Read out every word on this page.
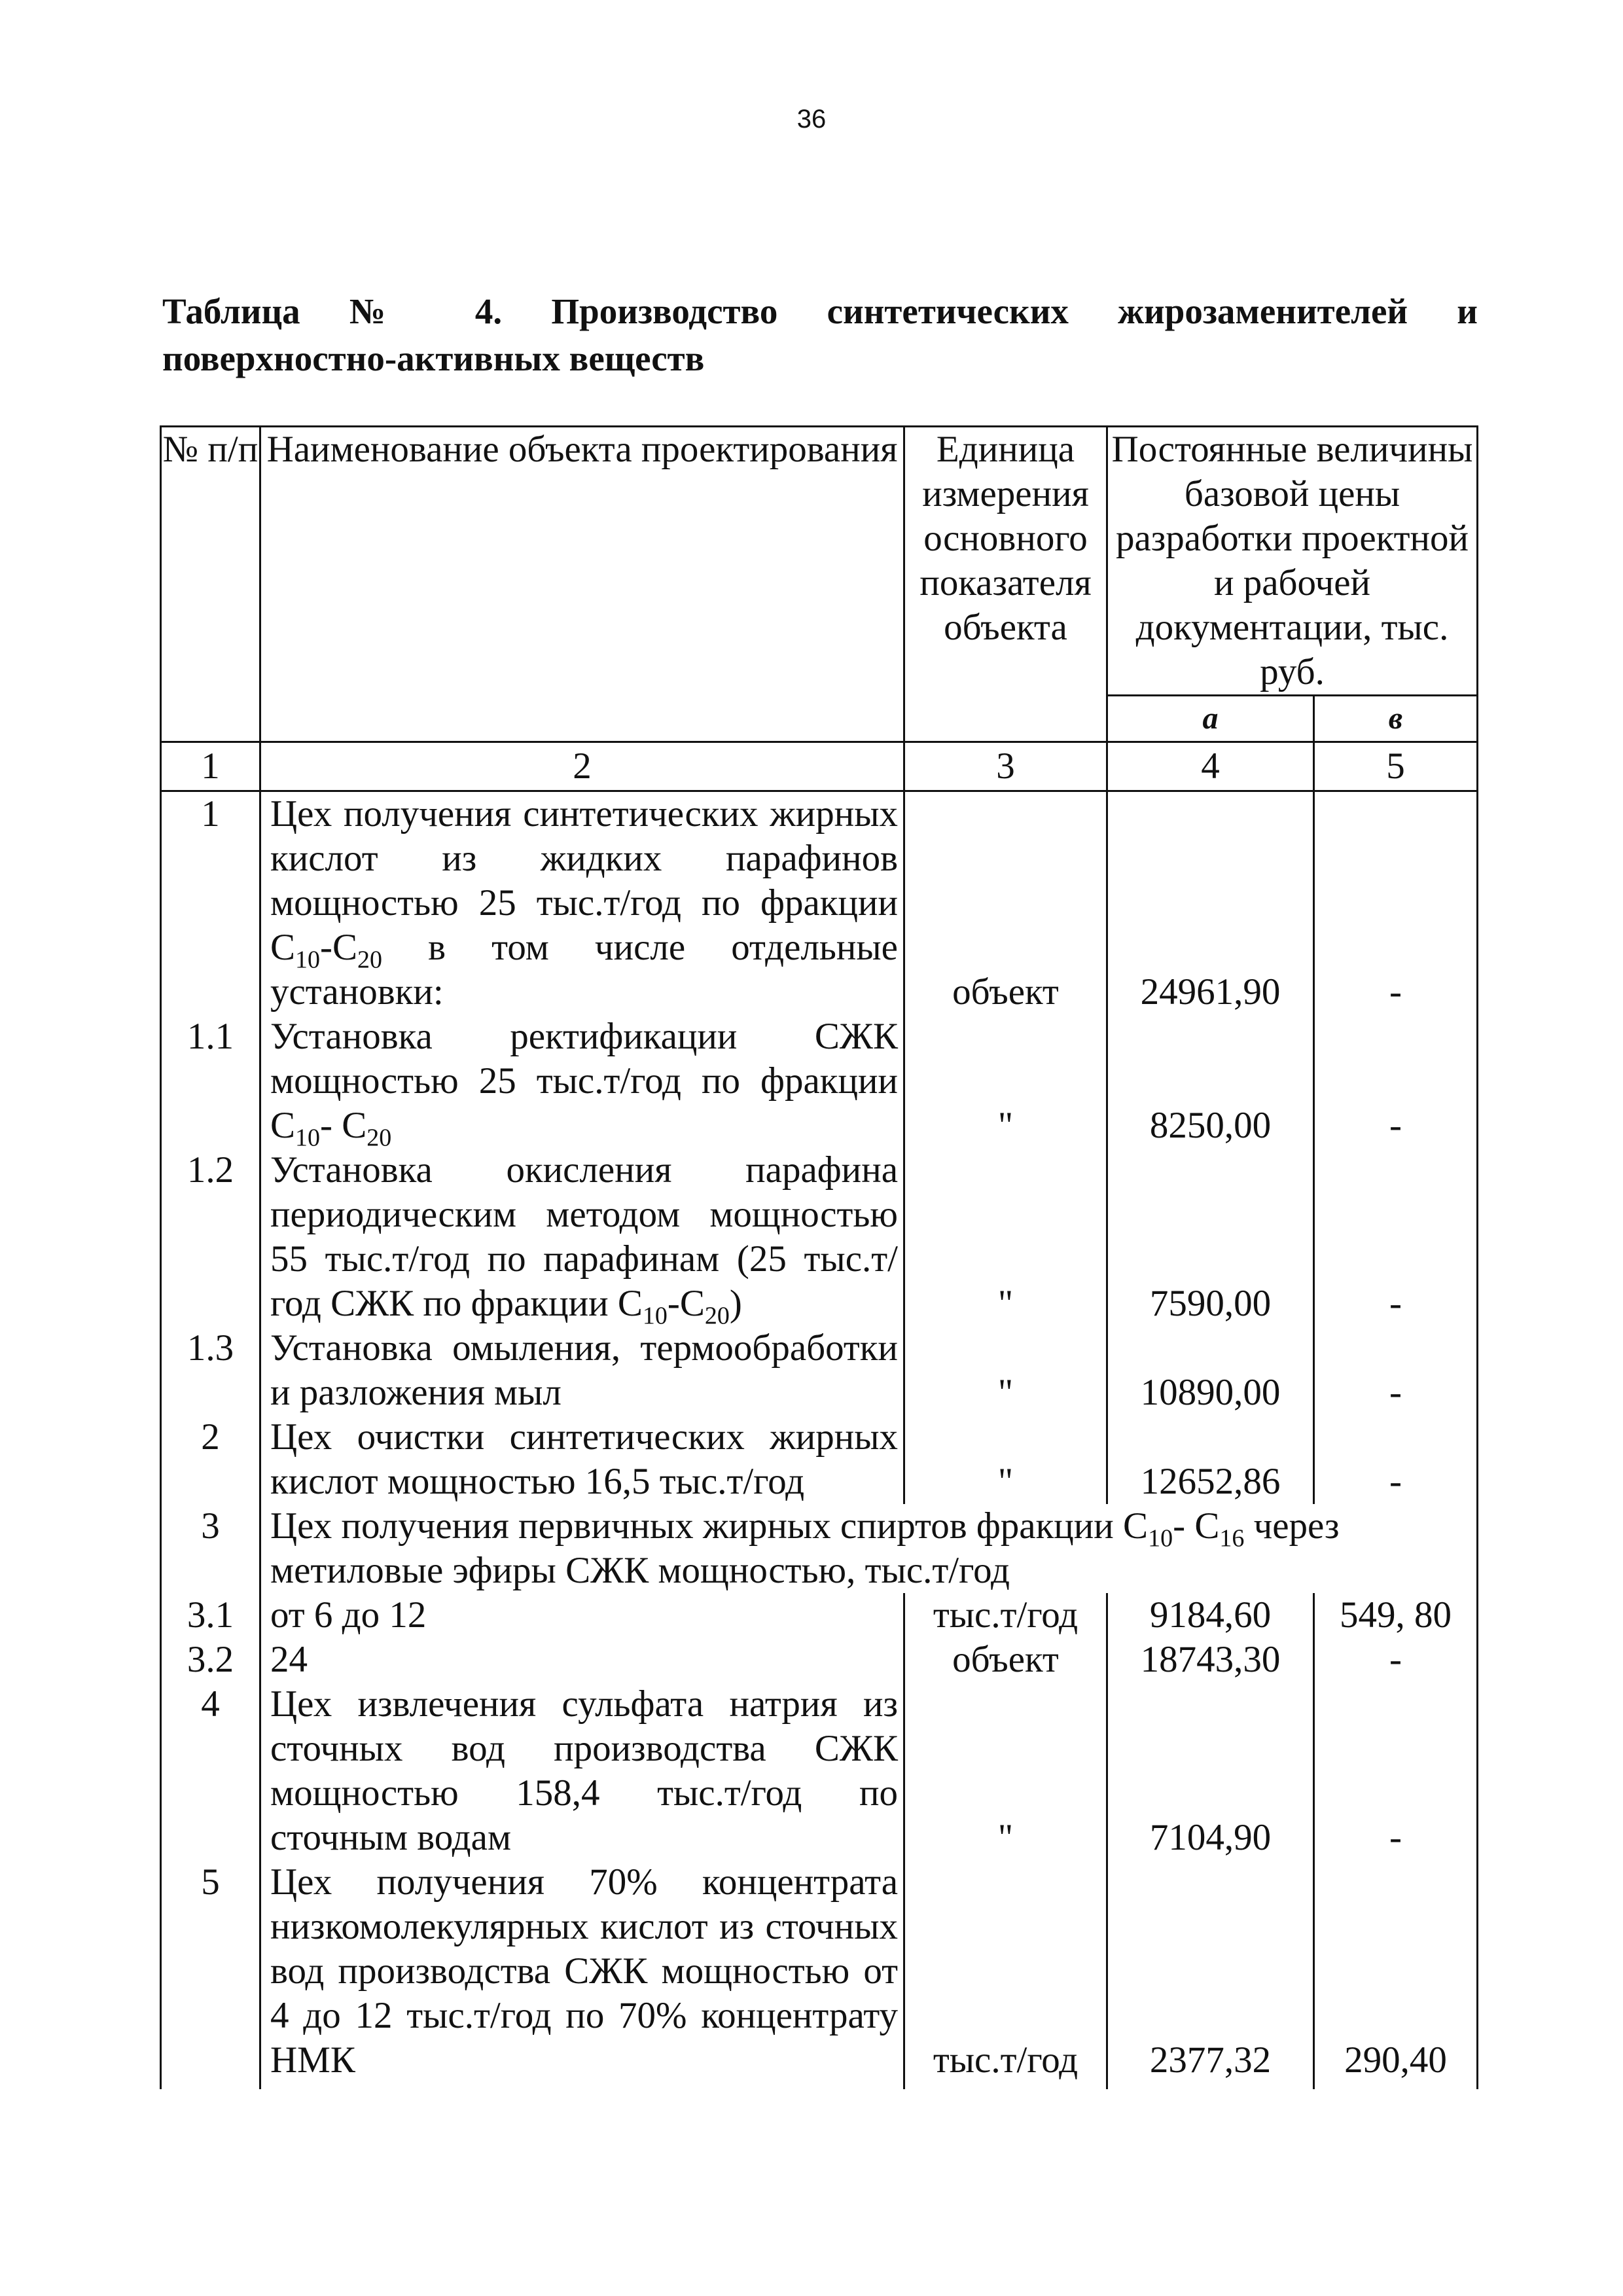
36
Таблица № 4. Производство синтетических жирозаменителей и
поверхностно-активных веществ
№ п/п	Наименование объекта проектирования	Единица измерения основного показателя объекта	Постоянные величины базовой цены разработки проектной и рабочей документации, тыс. руб.	
			а	в
1	2	3	4	5
1	Цех получения синтетических жирных кислот из жидких парафинов мощностью 25 тыс.т/год по фракции $С_{10}-С_{20}$ в том числе отдельные установки:	объект	24961,90	-
1.1	Установка ректификации СЖК мощностью 25 тыс.т/год по фракции $С_{10}-$ $С_{20}$	"	8250,00	-
1.2	Установка окисления парафина периодическим методом мощностью 55 тыс.т/год по парафинам (25 тыс.т/год СЖК по фракции $С_{10}-С_{20}$)	"	7590,00	-
1.3	Установка омыления, термообработки и разложения мыл	"	10890,00	-
2	Цех очистки синтетических жирных кислот мощностью 16,5 тыс.т/год	"	12652,86	-
3	Цех получения первичных жирных спиртов фракции $С_{10}-$ $С_{16}$ через метиловые эфиры СЖК мощностью, тыс.т/год			
3.1	от 6 до 12	тыс.т/год	9184,60	549, 80
3.2	24	объект	18743,30	-
4	Цех извлечения сульфата натрия из сточных вод производства СЖК мощностью 158,4 тыс.т/год по сточным водам	"	7104,90	-
5	Цех получения 70% концентрата низкомолекулярных кислот из сточных вод производства СЖК мощностью от 4 до 12 тыс.т/год по 70% концентрату НМК	тыс.т/год	2377,32	290,40
